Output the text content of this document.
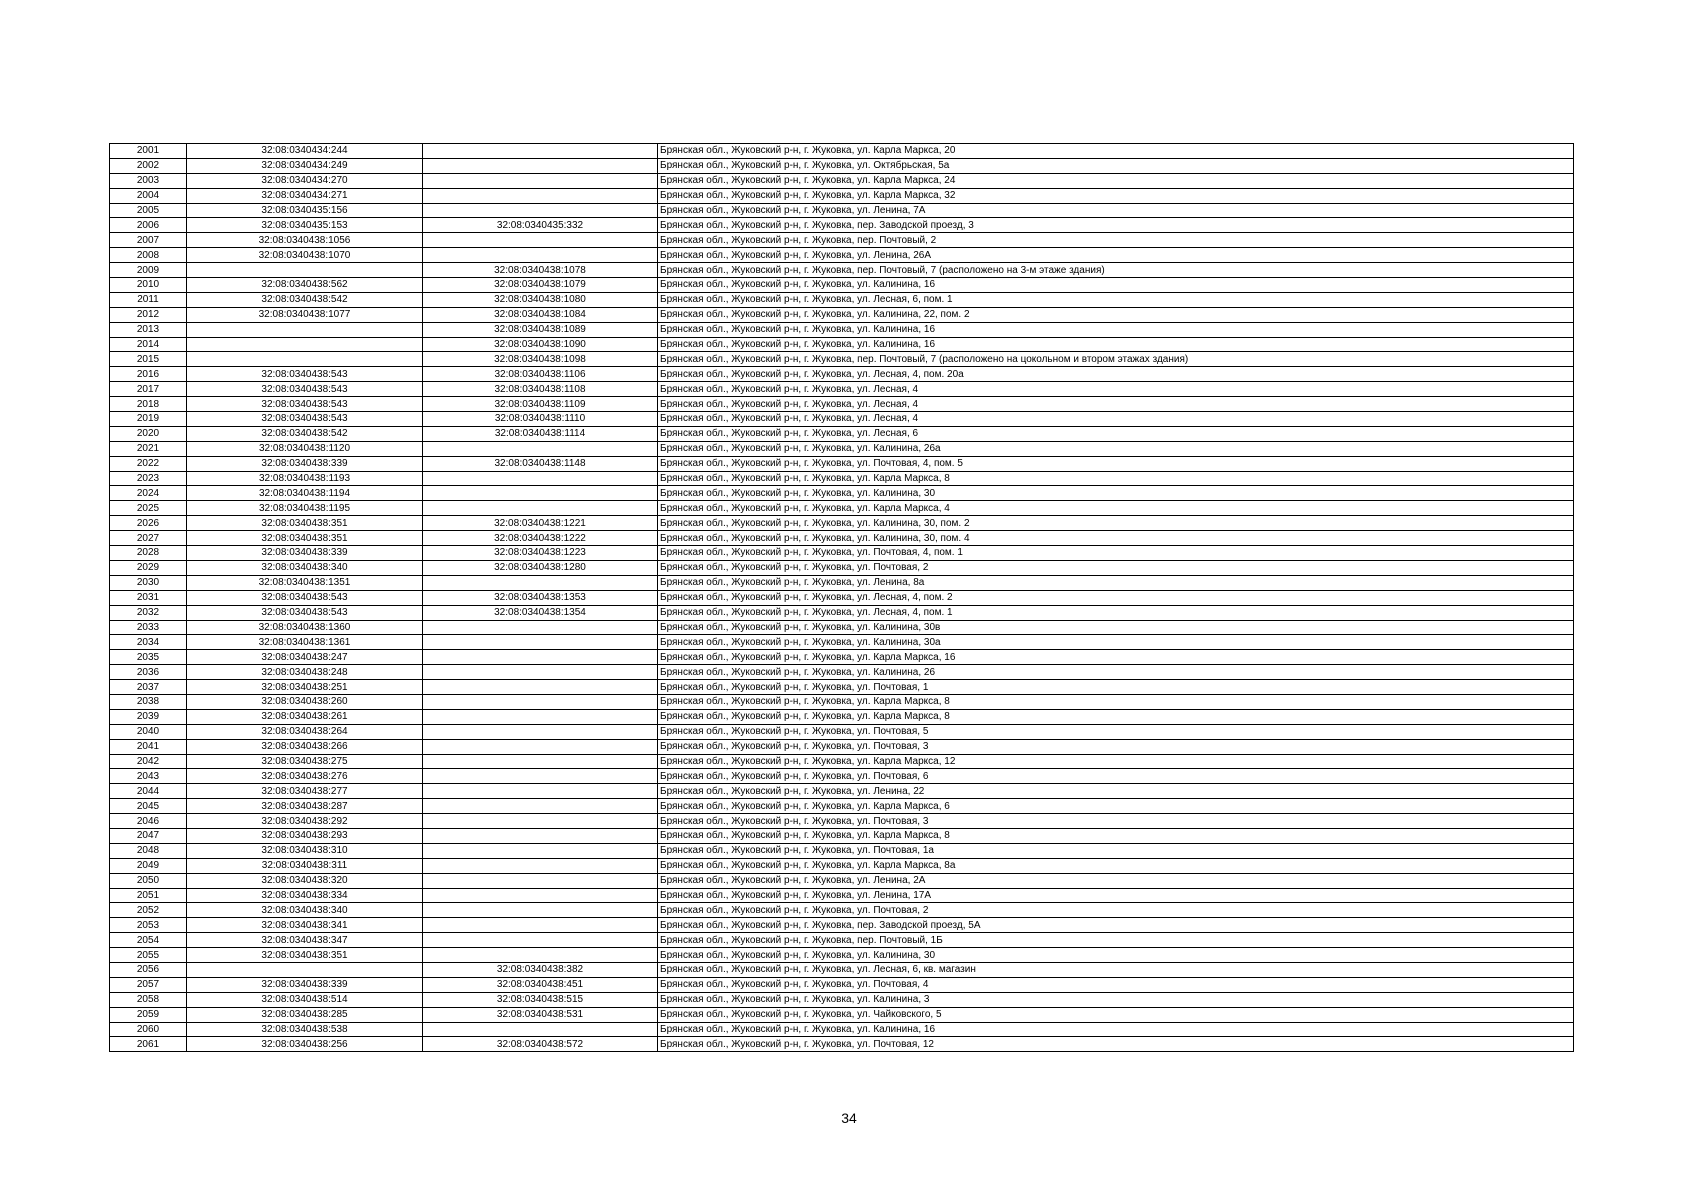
2001	32:08:0340434:244		Брянская обл., Жуковский р-н, г. Жуковка, ул. Карла Маркса, 20
2002	32:08:0340434:249		Брянская обл., Жуковский р-н, г. Жуковка, ул. Октябрьская, 5а
2003	32:08:0340434:270		Брянская обл., Жуковский р-н, г. Жуковка, ул. Карла Маркса, 24
2004	32:08:0340434:271		Брянская обл., Жуковский р-н, г. Жуковка, ул. Карла Маркса, 32
2005	32:08:0340435:156		Брянская обл., Жуковский р-н, г. Жуковка, ул. Ленина, 7А
2006	32:08:0340435:153	32:08:0340435:332	Брянская обл., Жуковский р-н, г. Жуковка, пер. Заводской проезд, 3
2007	32:08:0340438:1056		Брянская обл., Жуковский р-н, г. Жуковка, пер. Почтовый, 2
2008	32:08:0340438:1070		Брянская обл., Жуковский р-н, г. Жуковка, ул. Ленина, 26А
2009		32:08:0340438:1078	Брянская обл., Жуковский р-н, г. Жуковка, пер. Почтовый, 7 (расположено на 3-м этаже здания)
2010	32:08:0340438:562	32:08:0340438:1079	Брянская обл., Жуковский р-н, г. Жуковка, ул. Калинина, 16
2011	32:08:0340438:542	32:08:0340438:1080	Брянская обл., Жуковский р-н, г. Жуковка, ул. Лесная, 6, пом. 1
2012	32:08:0340438:1077	32:08:0340438:1084	Брянская обл., Жуковский р-н, г. Жуковка, ул. Калинина, 22, пом. 2
2013		32:08:0340438:1089	Брянская обл., Жуковский р-н, г. Жуковка, ул. Калинина, 16
2014		32:08:0340438:1090	Брянская обл., Жуковский р-н, г. Жуковка, ул. Калинина, 16
2015		32:08:0340438:1098	Брянская обл., Жуковский р-н, г. Жуковка, пер. Почтовый, 7 (расположено на цокольном и втором этажах здания)
2016	32:08:0340438:543	32:08:0340438:1106	Брянская обл., Жуковский р-н, г. Жуковка, ул. Лесная, 4, пом. 20а
2017	32:08:0340438:543	32:08:0340438:1108	Брянская обл., Жуковский р-н, г. Жуковка, ул. Лесная, 4
2018	32:08:0340438:543	32:08:0340438:1109	Брянская обл., Жуковский р-н, г. Жуковка, ул. Лесная, 4
2019	32:08:0340438:543	32:08:0340438:1110	Брянская обл., Жуковский р-н, г. Жуковка, ул. Лесная, 4
2020	32:08:0340438:542	32:08:0340438:1114	Брянская обл., Жуковский р-н, г. Жуковка, ул. Лесная, 6
2021	32:08:0340438:1120		Брянская обл., Жуковский р-н, г. Жуковка, ул. Калинина, 26а
2022	32:08:0340438:339	32:08:0340438:1148	Брянская обл., Жуковский р-н, г. Жуковка, ул. Почтовая, 4, пом. 5
2023	32:08:0340438:1193		Брянская обл., Жуковский р-н, г. Жуковка, ул. Карла Маркса, 8
2024	32:08:0340438:1194		Брянская обл., Жуковский р-н, г. Жуковка, ул. Калинина, 30
2025	32:08:0340438:1195		Брянская обл., Жуковский р-н, г. Жуковка, ул. Карла Маркса, 4
2026	32:08:0340438:351	32:08:0340438:1221	Брянская обл., Жуковский р-н, г. Жуковка, ул. Калинина, 30, пом. 2
2027	32:08:0340438:351	32:08:0340438:1222	Брянская обл., Жуковский р-н, г. Жуковка, ул. Калинина, 30, пом. 4
2028	32:08:0340438:339	32:08:0340438:1223	Брянская обл., Жуковский р-н, г. Жуковка, ул. Почтовая, 4, пом. 1
2029	32:08:0340438:340	32:08:0340438:1280	Брянская обл., Жуковский р-н, г. Жуковка, ул. Почтовая, 2
2030	32:08:0340438:1351		Брянская обл., Жуковский р-н, г. Жуковка, ул. Ленина, 8а
2031	32:08:0340438:543	32:08:0340438:1353	Брянская обл., Жуковский р-н, г. Жуковка, ул. Лесная, 4, пом. 2
2032	32:08:0340438:543	32:08:0340438:1354	Брянская обл., Жуковский р-н, г. Жуковка, ул. Лесная, 4, пом. 1
2033	32:08:0340438:1360		Брянская обл., Жуковский р-н, г. Жуковка, ул. Калинина, 30в
2034	32:08:0340438:1361		Брянская обл., Жуковский р-н, г. Жуковка, ул. Калинина, 30а
2035	32:08:0340438:247		Брянская обл., Жуковский р-н, г. Жуковка, ул. Карла Маркса, 16
2036	32:08:0340438:248		Брянская обл., Жуковский р-н, г. Жуковка, ул. Калинина, 26
2037	32:08:0340438:251		Брянская обл., Жуковский р-н, г. Жуковка, ул. Почтовая, 1
2038	32:08:0340438:260		Брянская обл., Жуковский р-н, г. Жуковка, ул. Карла Маркса, 8
2039	32:08:0340438:261		Брянская обл., Жуковский р-н, г. Жуковка, ул. Карла Маркса, 8
2040	32:08:0340438:264		Брянская обл., Жуковский р-н, г. Жуковка, ул. Почтовая, 5
2041	32:08:0340438:266		Брянская обл., Жуковский р-н, г. Жуковка, ул. Почтовая, 3
2042	32:08:0340438:275		Брянская обл., Жуковский р-н, г. Жуковка, ул. Карла Маркса, 12
2043	32:08:0340438:276		Брянская обл., Жуковский р-н, г. Жуковка, ул. Почтовая, 6
2044	32:08:0340438:277		Брянская обл., Жуковский р-н, г. Жуковка, ул. Ленина, 22
2045	32:08:0340438:287		Брянская обл., Жуковский р-н, г. Жуковка, ул. Карла Маркса, 6
2046	32:08:0340438:292		Брянская обл., Жуковский р-н, г. Жуковка, ул. Почтовая, 3
2047	32:08:0340438:293		Брянская обл., Жуковский р-н, г. Жуковка, ул. Карла Маркса, 8
2048	32:08:0340438:310		Брянская обл., Жуковский р-н, г. Жуковка, ул. Почтовая, 1а
2049	32:08:0340438:311		Брянская обл., Жуковский р-н, г. Жуковка, ул. Карла Маркса, 8а
2050	32:08:0340438:320		Брянская обл., Жуковский р-н, г. Жуковка, ул. Ленина, 2А
2051	32:08:0340438:334		Брянская обл., Жуковский р-н, г. Жуковка, ул. Ленина, 17А
2052	32:08:0340438:340		Брянская обл., Жуковский р-н, г. Жуковка, ул. Почтовая, 2
2053	32:08:0340438:341		Брянская обл., Жуковский р-н, г. Жуковка, пер. Заводской проезд, 5А
2054	32:08:0340438:347		Брянская обл., Жуковский р-н, г. Жуковка, пер. Почтовый, 1Б
2055	32:08:0340438:351		Брянская обл., Жуковский р-н, г. Жуковка, ул. Калинина, 30
2056		32:08:0340438:382	Брянская обл., Жуковский р-н, г. Жуковка, ул. Лесная, 6, кв. магазин
2057	32:08:0340438:339	32:08:0340438:451	Брянская обл., Жуковский р-н, г. Жуковка, ул. Почтовая, 4
2058	32:08:0340438:514	32:08:0340438:515	Брянская обл., Жуковский р-н, г. Жуковка, ул. Калинина, 3
2059	32:08:0340438:285	32:08:0340438:531	Брянская обл., Жуковский р-н, г. Жуковка, ул. Чайковского, 5
2060	32:08:0340438:538		Брянская обл., Жуковский р-н, г. Жуковка, ул. Калинина, 16
2061	32:08:0340438:256	32:08:0340438:572	Брянская обл., Жуковский р-н, г. Жуковка, ул. Почтовая, 12
34
